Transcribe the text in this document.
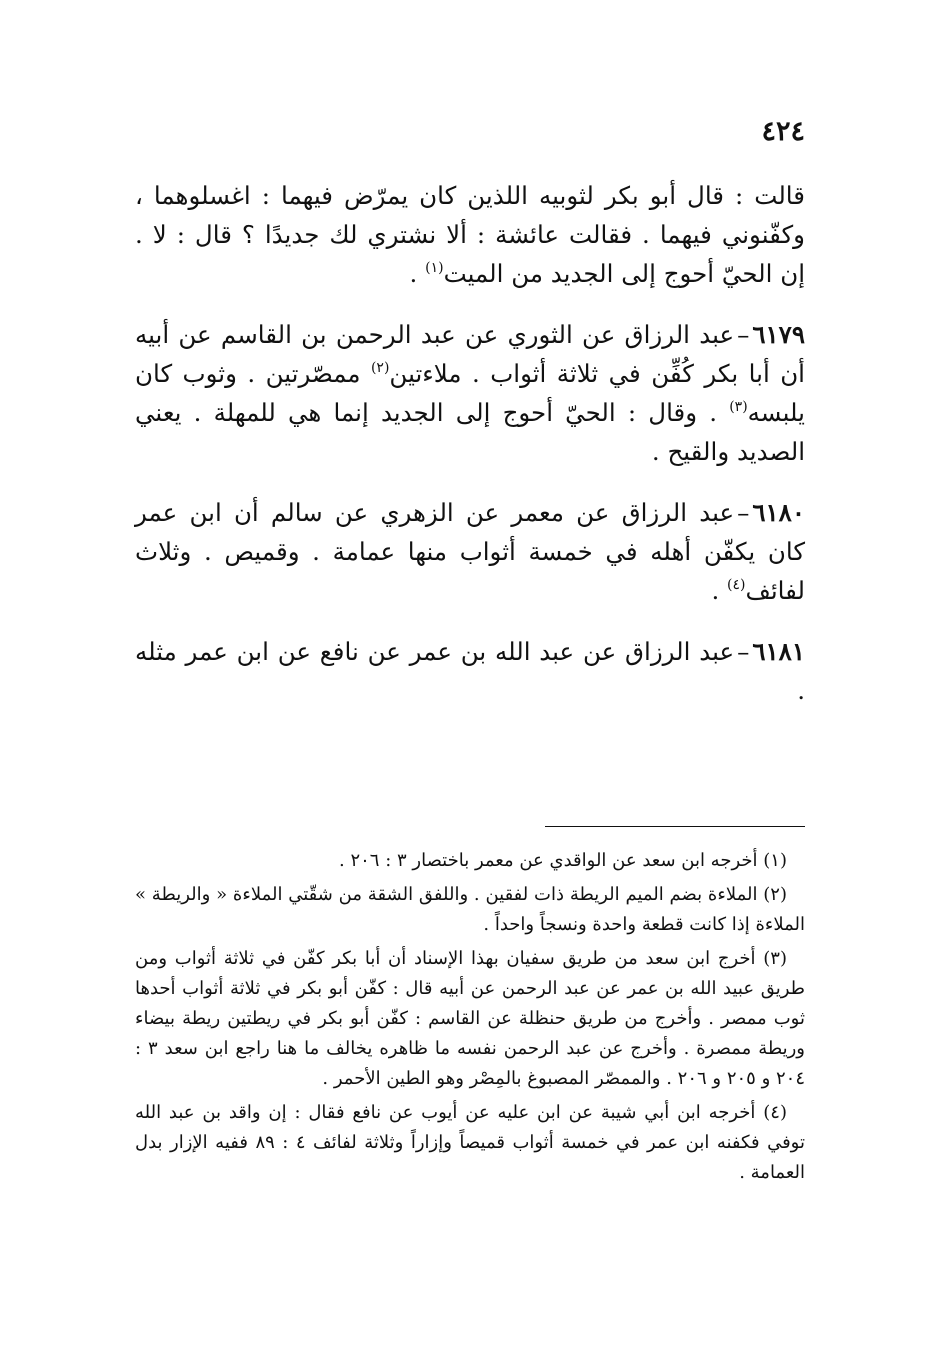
٤٢٤

قالت : قال أبو بكر لثوبيه اللذين كان يمرّض فيهما : اغسلوهما ، وكفّنوني فيهما . فقالت عائشة : ألا نشتري لك جديدًا ؟ قال : لا . إن الحيّ أحوج إلى الجديد من الميت$^{(١)}$ .

٦١٧٩–عبد الرزاق عن الثوري عن عبد الرحمن بن القاسم عن أبيه أن أبا بكر كُفِّن في ثلاثة أثواب . ملاءتين$^{(٢)}$ ممصّرتين . وثوب كان يلبسه$^{(٣)}$ . وقال : الحيّ أحوج إلى الجديد إنما هي للمهلة . يعني الصديد والقيح .

٦١٨٠–عبد الرزاق عن معمر عن الزهري عن سالم أن ابن عمر كان يكفّن أهله في خمسة أثواب منها عمامة . وقميص . وثلاث لفائف$^{(٤)}$ .

٦١٨١–عبد الرزاق عن عبد الله بن عمر عن نافع عن ابن عمر مثله .

(١) أخرجه ابن سعد عن الواقدي عن معمر باختصار ٣ : ٢٠٦ .

(٢) الملاءة بضم الميم الريطة ذات لفقين . واللفق الشقة من شقّتي الملاءة « والريطة » الملاءة إذا كانت قطعة واحدة ونسجاً واحداً .

(٣) أخرج ابن سعد من طريق سفيان بهذا الإسناد أن أبا بكر كفّن في ثلاثة أثواب ومن طريق عبيد الله بن عمر عن عبد الرحمن عن أبيه قال : كفّن أبو بكر في ثلاثة أثواب أحدها ثوب ممصر . وأخرج من طريق حنظلة عن القاسم : كفّن أبو بكر في ريطتين ريطة بيضاء وريطة ممصرة . وأخرج عن عبد الرحمن نفسه ما ظاهره يخالف ما هنا راجع ابن سعد ٣ : ٢٠٤ و ٢٠٥ و ٢٠٦ . والممصّر المصبوغ بالمِصْر وهو الطين الأحمر .

(٤) أخرجه ابن أبي شيبة عن ابن عليه عن أيوب عن نافع فقال : إن واقد بن عبد الله توفي فكفنه ابن عمر في خمسة أثواب قميصاً وإزاراً وثلاثة لفائف ٤ : ٨٩ ففيه الإزار بدل العمامة .
